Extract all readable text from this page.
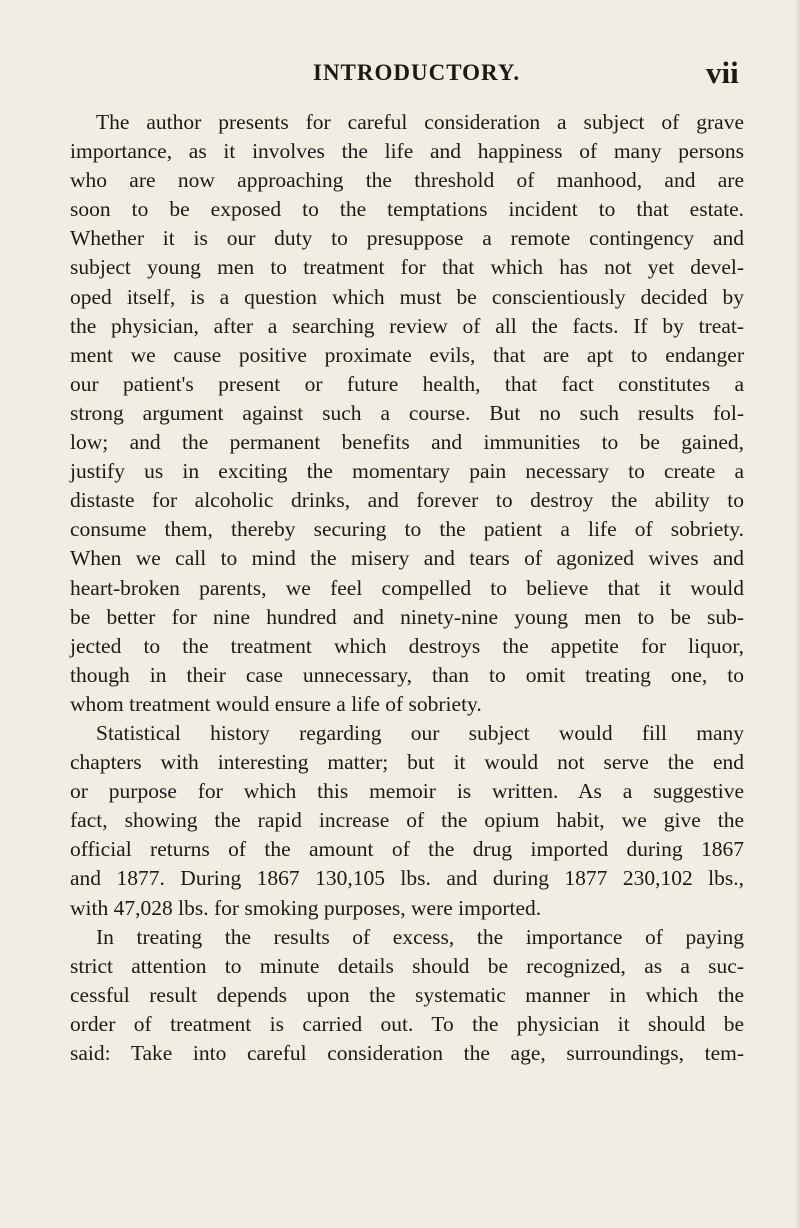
INTRODUCTORY.	vii
The author presents for careful consideration a subject of grave
importance, as it involves the life and happiness of many persons
who are now approaching the threshold of manhood, and are
soon to be exposed to the temptations incident to that estate.
Whether it is our duty to presuppose a remote contingency and
subject young men to treatment for that which has not yet devel-
oped itself, is a question which must be conscientiously decided by
the physician, after a searching review of all the facts. If by treat-
ment we cause positive proximate evils, that are apt to endanger
our patient's present or future health, that fact constitutes a
strong argument against such a course. But no such results fol-
low; and the permanent benefits and immunities to be gained,
justify us in exciting the momentary pain necessary to create a
distaste for alcoholic drinks, and forever to destroy the ability to
consume them, thereby securing to the patient a life of sobriety.
When we call to mind the misery and tears of agonized wives and
heart-broken parents, we feel compelled to believe that it would
be better for nine hundred and ninety-nine young men to be sub-
jected to the treatment which destroys the appetite for liquor,
though in their case unnecessary, than to omit treating one, to
whom treatment would ensure a life of sobriety.
Statistical history regarding our subject would fill many
chapters with interesting matter; but it would not serve the end
or purpose for which this memoir is written. As a suggestive
fact, showing the rapid increase of the opium habit, we give the
official returns of the amount of the drug imported during 1867
and 1877. During 1867 130,105 lbs. and during 1877 230,102 lbs.,
with 47,028 lbs. for smoking purposes, were imported.
In treating the results of excess, the importance of paying
strict attention to minute details should be recognized, as a suc-
cessful result depends upon the systematic manner in which the
order of treatment is carried out. To the physician it should be
said: Take into careful consideration the age, surroundings, tem-
